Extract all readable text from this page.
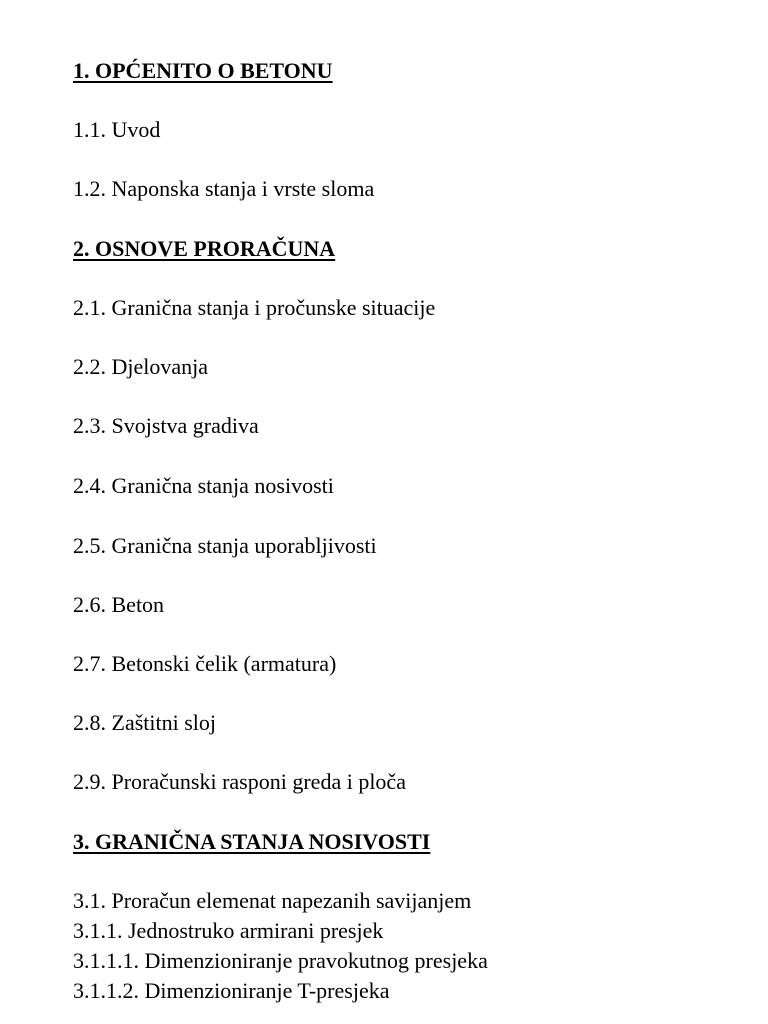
1. OPĆENITO O BETONU
1.1. Uvod
1.2. Naponska stanja i vrste sloma
2. OSNOVE PRORAČUNA
2.1. Granična stanja i pročunske situacije
2.2. Djelovanja
2.3. Svojstva gradiva
2.4. Granična stanja nosivosti
2.5. Granična stanja uporabljivosti
2.6. Beton
2.7. Betonski čelik (armatura)
2.8. Zaštitni sloj
2.9. Proračunski rasponi greda i ploča
3. GRANIČNA STANJA NOSIVOSTI
3.1. Proračun elemenat napezanih savijanjem
3.1.1. Jednostruko armirani presjek
3.1.1.1. Dimenzioniranje pravokutnog presjeka
3.1.1.2. Dimenzioniranje T-presjeka
